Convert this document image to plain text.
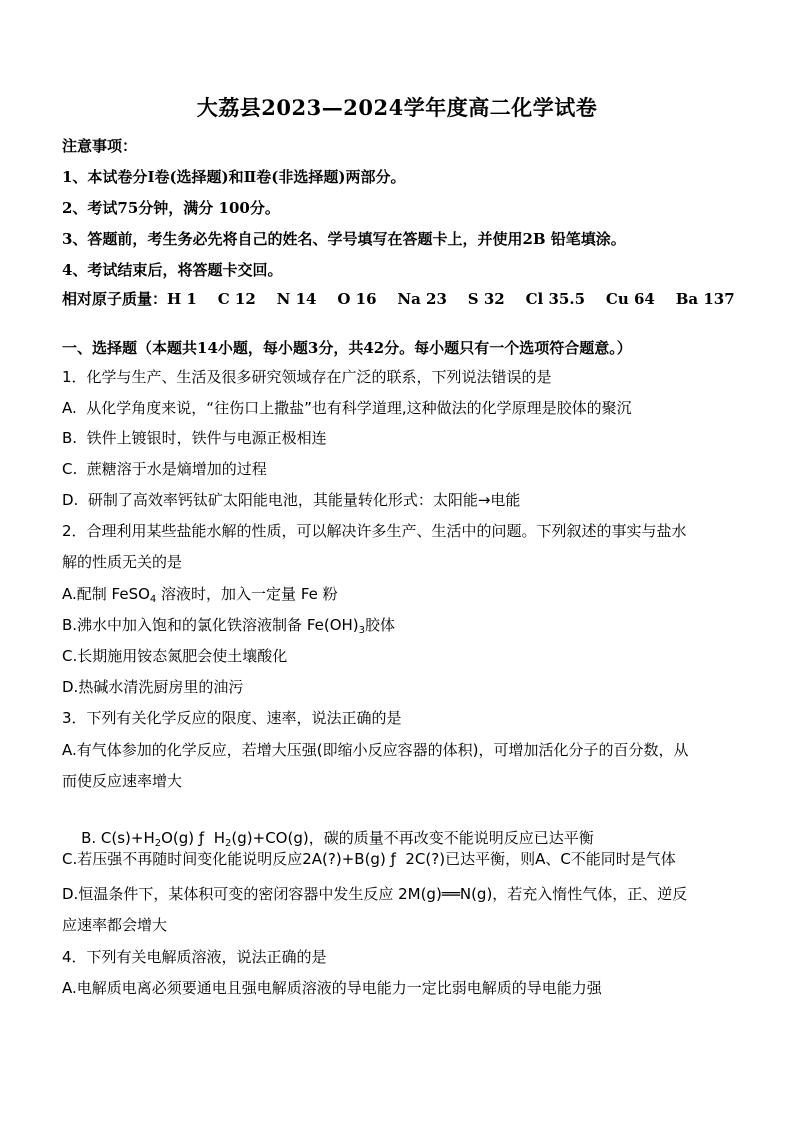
大荔县2023—2024学年度高二化学试卷
注意事项：
1、本试卷分Ⅰ卷(选择题)和Ⅱ卷(非选择题)两部分。
2、考试75分钟，满分 100分。
3、答题前，考生务必先将自己的姓名、学号填写在答题卡上，并使用2B 铅笔填涂。
4、考试结束后，将答题卡交回。
相对原子质量：H 1    C 12    N 14    O 16    Na 23    S 32    Cl 35.5    Cu 64    Ba 137
一、选择题（本题共14小题，每小题3分，共42分。每小题只有一个选项符合题意。）
1．化学与生产、生活及很多研究领域存在广泛的联系，下列说法错误的是
A.  从化学角度来说，“往伤口上撒盐”也有科学道理,这种做法的化学原理是胶体的聚沉
B.  铁件上镀银时，铁件与电源正极相连
C.  蔗糖溶于水是熵增加的过程
D.  研制了高效率钙钛矿太阳能电池，其能量转化形式：太阳能→电能
2．合理利用某些盐能水解的性质，可以解决许多生产、生活中的问题。下列叙述的事实与盐水
解的性质无关的是
A.配制 FeSO$_4$ 溶液时，加入一定量 Fe 粉
B.沸水中加入饱和的氯化铁溶液制备 $Fe(OH)_3$胶体
C.长期施用铵态氮肥会使土壤酸化
D.热碱水清洗厨房里的油污
3．下列有关化学反应的限度、速率，说法正确的是
A.有气体参加的化学反应，若增大压强(即缩小反应容器的体积)，可增加活化分子的百分数，从
而使反应速率增大

B. $C(s)+H_2O(g)$ ƒ  $H_2(g)+CO(g)$，碳的质量不再改变不能说明反应已达平衡

C.若压强不再随时间变化能说明反应2A(?)+B(g) ƒ  2C(?)已达平衡，则A、C不能同时是气体
D.恒温条件下，某体积可变的密闭容器中发生反应 2M(g)══N(g)，若充入惰性气体，正、逆反
应速率都会增大
4．下列有关电解质溶液，说法正确的是
A.电解质电离必须要通电且强电解质溶液的导电能力一定比弱电解质的导电能力强
